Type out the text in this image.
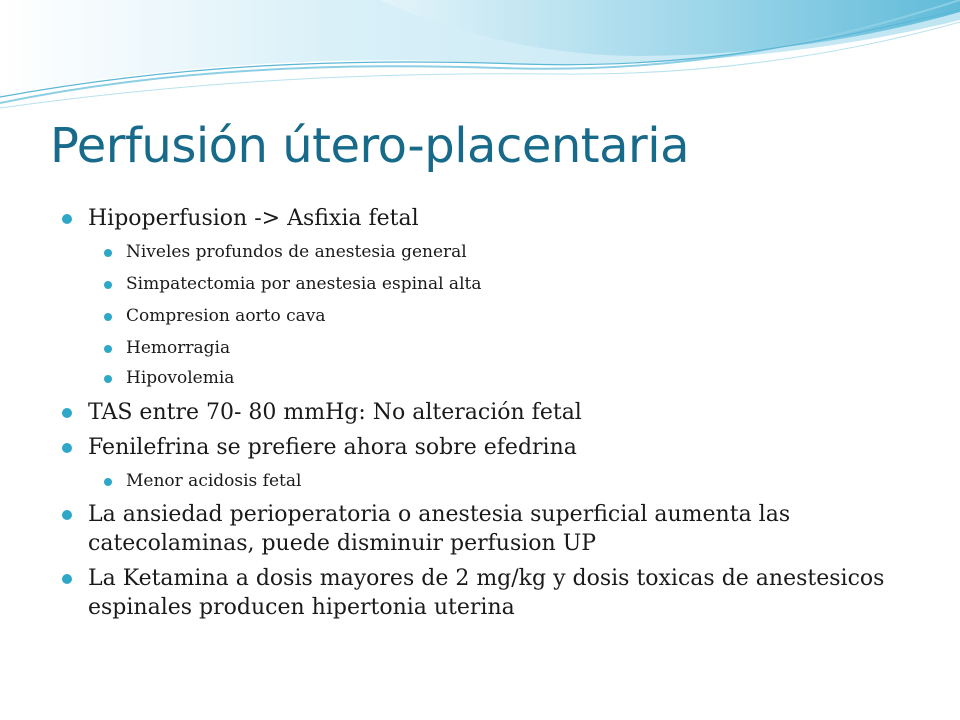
Perfusión útero-placentaria
Hipoperfusion -> Asfixia fetal
Niveles profundos de anestesia general
Simpatectomia por anestesia espinal alta
Compresion aorto cava
Hemorragia
Hipovolemia
TAS entre 70- 80 mmHg: No alteración fetal
Fenilefrina se prefiere ahora sobre efedrina
Menor acidosis fetal
La ansiedad perioperatoria o anestesia superficial aumenta las catecolaminas, puede disminuir perfusion UP
La Ketamina a dosis mayores de 2 mg/kg y dosis toxicas de anestesicos espinales producen hipertonia uterina
